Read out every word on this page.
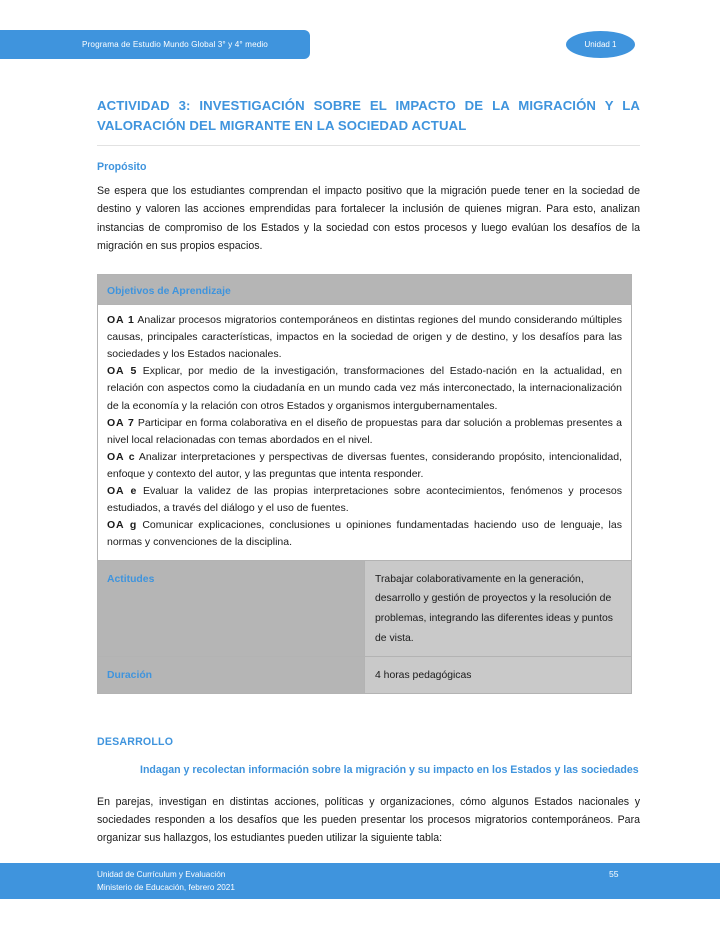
Programa de Estudio Mundo Global 3° y 4° medio	Unidad 1
ACTIVIDAD 3: INVESTIGACIÓN SOBRE EL IMPACTO DE LA MIGRACIÓN Y LA VALORACIÓN DEL MIGRANTE EN LA SOCIEDAD ACTUAL
Propósito

Se espera que los estudiantes comprendan el impacto positivo que la migración puede tener en la sociedad de destino y valoren las acciones emprendidas para fortalecer la inclusión de quienes migran. Para esto, analizan instancias de compromiso de los Estados y la sociedad con estos procesos y luego evalúan los desafíos de la migración en sus propios espacios.

Objetivos de Aprendizaje	

OA 1 Analizar procesos migratorios contemporáneos en distintas regiones del mundo considerando múltiples causas, principales características, impactos en la sociedad de origen y de destino, y los desafíos para las sociedades y los Estados nacionales.
OA 5 Explicar, por medio de la investigación, transformaciones del Estado-nación en la actualidad, en relación con aspectos como la ciudadanía en un mundo cada vez más interconectado, la internacionalización de la economía y la relación con otros Estados y organismos intergubernamentales.
OA 7 Participar en forma colaborativa en el diseño de propuestas para dar solución a problemas presentes a nivel local relacionadas con temas abordados en el nivel.
OA c Analizar interpretaciones y perspectivas de diversas fuentes, considerando propósito, intencionalidad, enfoque y contexto del autor, y las preguntas que intenta responder.
OA e Evaluar la validez de las propias interpretaciones sobre acontecimientos, fenómenos y procesos estudiados, a través del diálogo y el uso de fuentes.
OA g Comunicar explicaciones, conclusiones u opiniones fundamentadas haciendo uso de lenguaje, las normas y convenciones de la disciplina.

Actitudes	Trabajar colaborativamente en la generación, desarrollo y gestión de proyectos y la resolución de problemas, integrando las diferentes ideas y puntos de vista.
Duración	4 horas pedagógicas
DESARROLLO
Indagan y recolectan información sobre la migración y su impacto en los Estados y las sociedades

En parejas, investigan en distintas acciones, políticas y organizaciones, cómo algunos Estados nacionales y sociedades responden a los desafíos que les pueden presentar los procesos migratorios contemporáneos. Para organizar sus hallazgos, los estudiantes pueden utilizar la siguiente tabla:

Unidad de Currículum y Evaluación
Ministerio de Educación, febrero 2021
55
